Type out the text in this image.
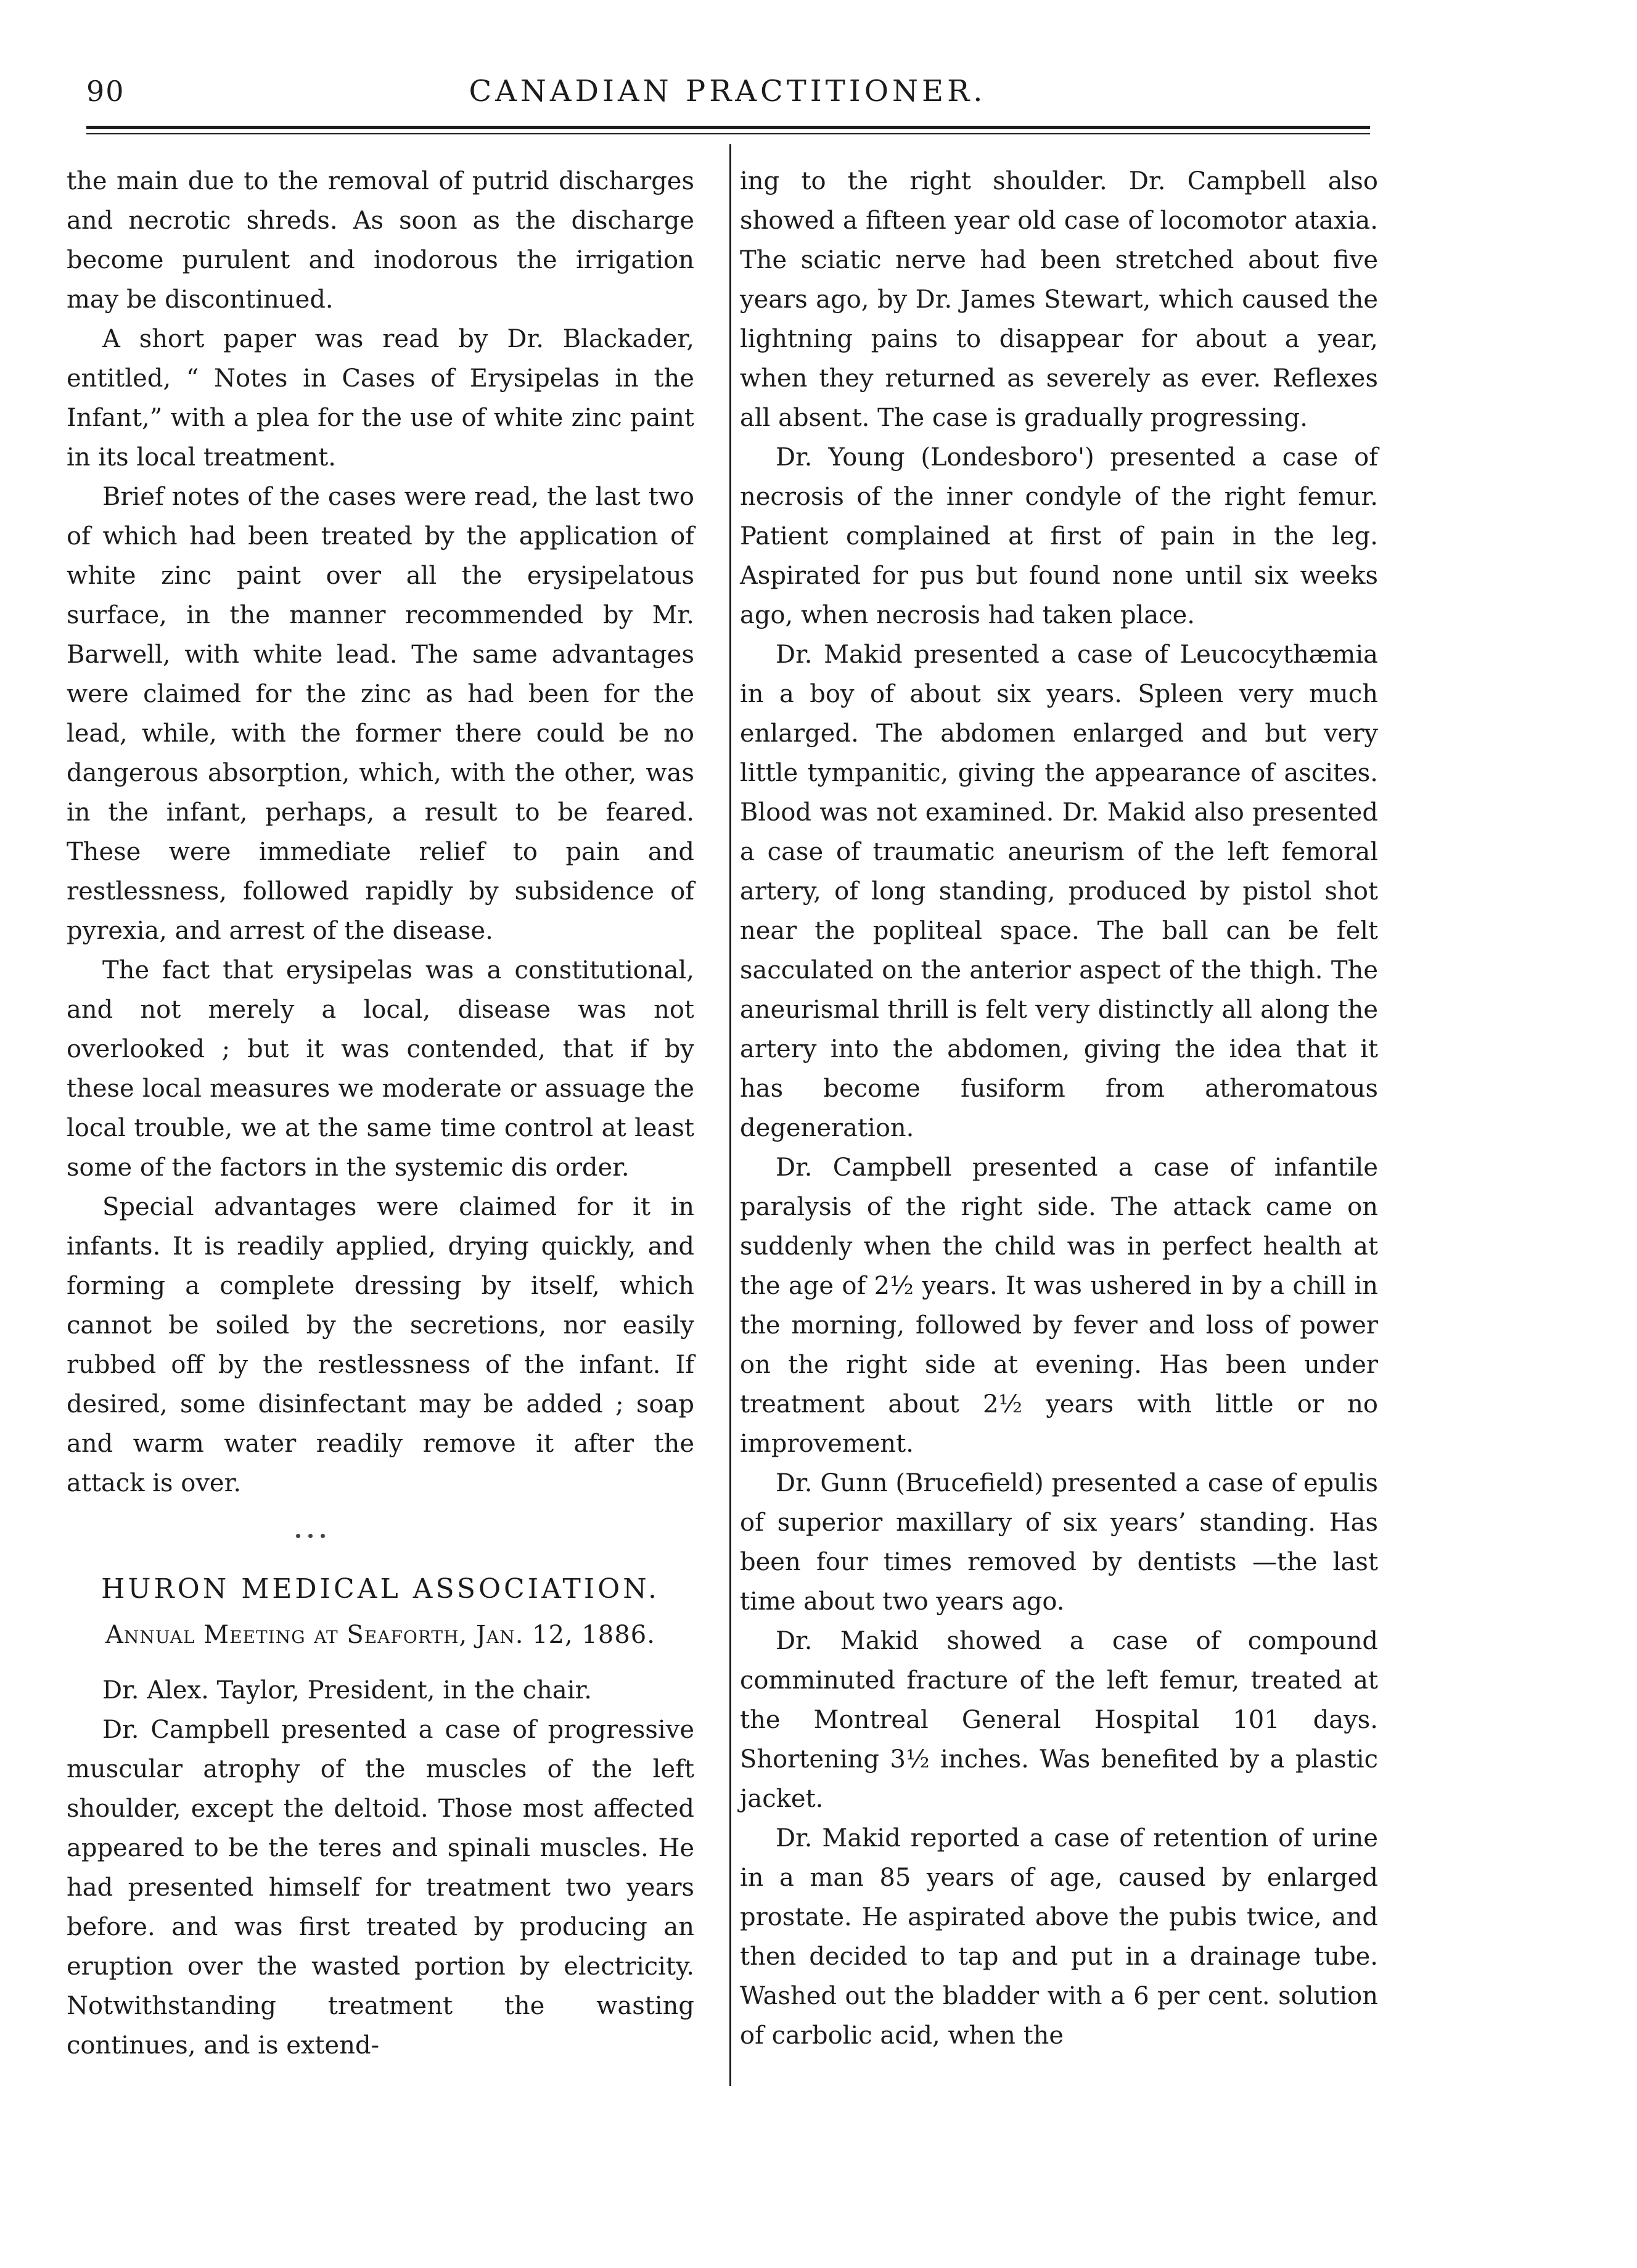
90	CANADIAN PRACTITIONER.

the main due to the removal of putrid discharges and necrotic shreds. As soon as the discharge become purulent and inodorous the irrigation may be discontinued.

A short paper was read by Dr. Blackader, entitled, “ Notes in Cases of Erysipelas in the Infant,” with a plea for the use of white zinc paint in its local treatment.

Brief notes of the cases were read, the last two of which had been treated by the application of white zinc paint over all the erysipelatous surface, in the manner recommended by Mr. Barwell, with white lead. The same advantages were claimed for the zinc as had been for the lead, while, with the former there could be no dangerous absorption, which, with the other, was in the infant, perhaps, a result to be feared. These were immediate relief to pain and restlessness, followed rapidly by subsidence of pyrexia, and arrest of the disease.

The fact that erysipelas was a constitutional, and not merely a local, disease was not overlooked ; but it was contended, that if by these local measures we moderate or assuage the local trouble, we at the same time control at least some of the factors in the systemic dis order.

Special advantages were claimed for it in infants. It is readily applied, drying quickly, and forming a complete dressing by itself, which cannot be soiled by the secretions, nor easily rubbed off by the restlessness of the infant. If desired, some disinfectant may be added ; soap and warm water readily remove it after the attack is over.

HURON MEDICAL ASSOCIATION.
Annual Meeting at Seaforth, Jan. 12, 1886.

Dr. Alex. Taylor, President, in the chair.

Dr. Campbell presented a case of progressive muscular atrophy of the muscles of the left shoulder, except the deltoid. Those most affected appeared to be the teres and spinali muscles. He had presented himself for treatment two years before. and was first treated by producing an eruption over the wasted portion by electricity. Notwithstanding treatment the wasting continues, and is extend-

ing to the right shoulder. Dr. Campbell also showed a fifteen year old case of locomotor ataxia. The sciatic nerve had been stretched about five years ago, by Dr. James Stewart, which caused the lightning pains to disappear for about a year, when they returned as severely as ever. Reflexes all absent. The case is gradually progressing.

Dr. Young (Londesboro') presented a case of necrosis of the inner condyle of the right femur. Patient complained at first of pain in the leg. Aspirated for pus but found none until six weeks ago, when necrosis had taken place.

Dr. Makid presented a case of Leucocythæmia in a boy of about six years. Spleen very much enlarged. The abdomen enlarged and but very little tympanitic, giving the appearance of ascites. Blood was not examined. Dr. Makid also presented a case of traumatic aneurism of the left femoral artery, of long standing, produced by pistol shot near the popliteal space. The ball can be felt sacculated on the anterior aspect of the thigh. The aneurismal thrill is felt very distinctly all along the artery into the abdomen, giving the idea that it has become fusiform from atheromatous degeneration.

Dr. Campbell presented a case of infantile paralysis of the right side. The attack came on suddenly when the child was in perfect health at the age of 2½ years. It was ushered in by a chill in the morning, followed by fever and loss of power on the right side at evening. Has been under treatment about 2½ years with little or no improvement.

Dr. Gunn (Brucefield) presented a case of epulis of superior maxillary of six years’ standing. Has been four times removed by dentists —the last time about two years ago.

Dr. Makid showed a case of compound comminuted fracture of the left femur, treated at the Montreal General Hospital 101 days. Shortening 3½ inches. Was benefited by a plastic jacket.

Dr. Makid reported a case of retention of urine in a man 85 years of age, caused by enlarged prostate. He aspirated above the pubis twice, and then decided to tap and put in a drainage tube. Washed out the bladder with a 6 per cent. solution of carbolic acid, when the
